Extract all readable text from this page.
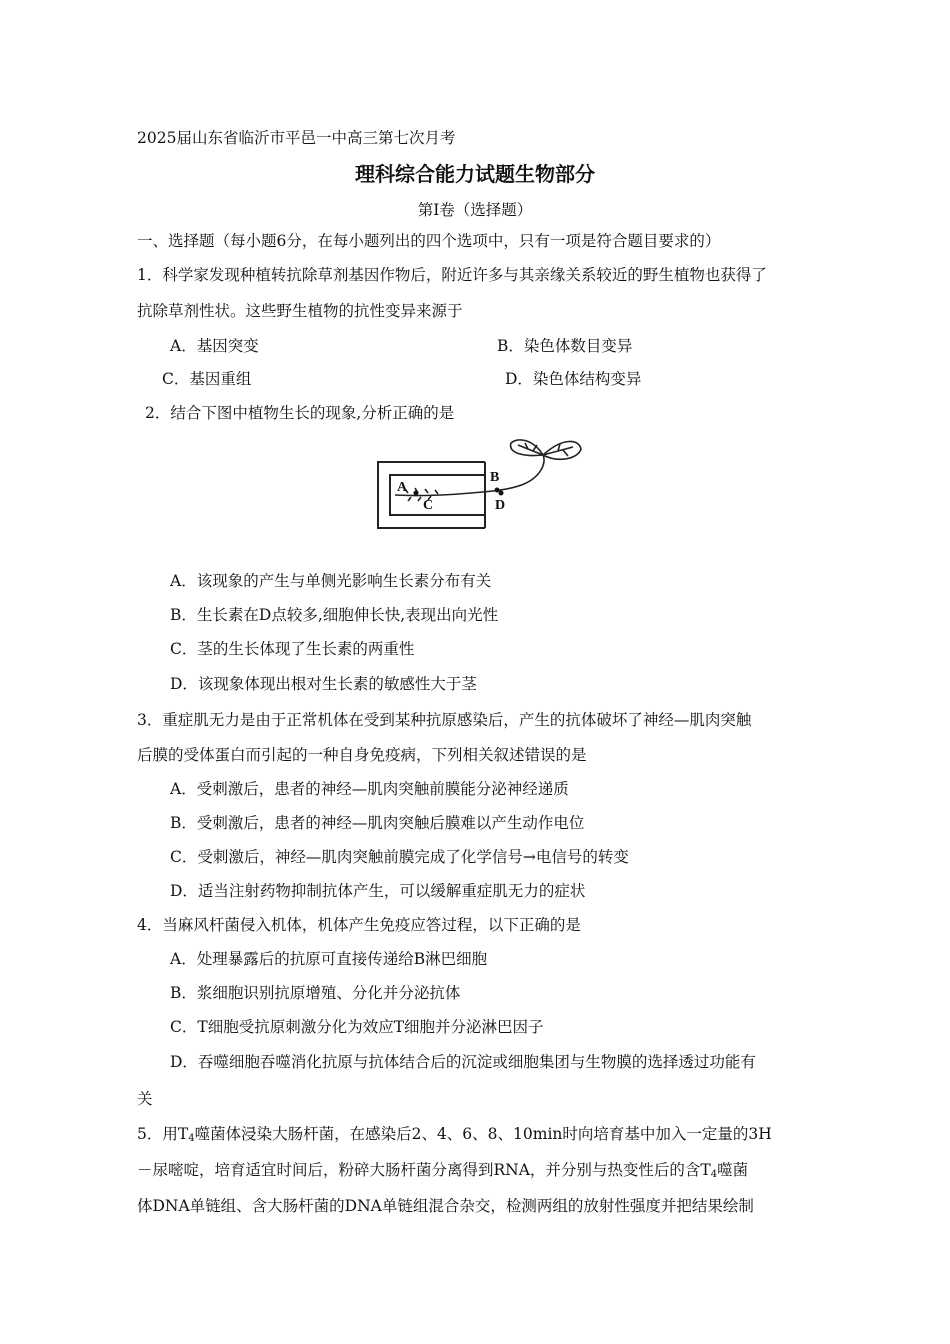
2025届山东省临沂市平邑一中高三第七次月考
理科综合能力试题生物部分
第Ⅰ卷（选择题）
一、选择题（每小题6分，在每小题列出的四个选项中，只有一项是符合题目要求的）
1．科学家发现种植转抗除草剂基因作物后，附近许多与其亲缘关系较近的野生植物也获得了
抗除草剂性状。这些野生植物的抗性变异来源于
A．基因突变	B．染色体数目变异
C．基因重组	D．染色体结构变异
2．结合下图中植物生长的现象,分析正确的是
A
B
C	D
A．该现象的产生与单侧光影响生长素分布有关
B．生长素在D点较多,细胞伸长快,表现出向光性
C．茎的生长体现了生长素的两重性
D．该现象体现出根对生长素的敏感性大于茎
3．重症肌无力是由于正常机体在受到某种抗原感染后，产生的抗体破坏了神经—肌肉突触
后膜的受体蛋白而引起的一种自身免疫病，下列相关叙述错误的是
A．受刺激后，患者的神经—肌肉突触前膜能分泌神经递质
B．受刺激后，患者的神经—肌肉突触后膜难以产生动作电位
C．受刺激后，神经—肌肉突触前膜完成了化学信号→电信号的转变
D．适当注射药物抑制抗体产生，可以缓解重症肌无力的症状
4．当麻风杆菌侵入机体，机体产生免疫应答过程，以下正确的是
A．处理暴露后的抗原可直接传递给B淋巴细胞
B．浆细胞识别抗原增殖、分化并分泌抗体
C．T细胞受抗原刺激分化为效应T细胞并分泌淋巴因子
D．吞噬细胞吞噬消化抗原与抗体结合后的沉淀或细胞集团与生物膜的选择透过功能有
关
5．用$T_4$噬菌体浸染大肠杆菌，在感染后2、4、6、8、10min时向培育基中加入一定量的3H
－尿嘧啶，培育适宜时间后，粉碎大肠杆菌分离得到RNA，并分别与热变性后的含$T_4$噬菌
体DNA单链组、含大肠杆菌的DNA单链组混合杂交，检测两组的放射性强度并把结果绘制
